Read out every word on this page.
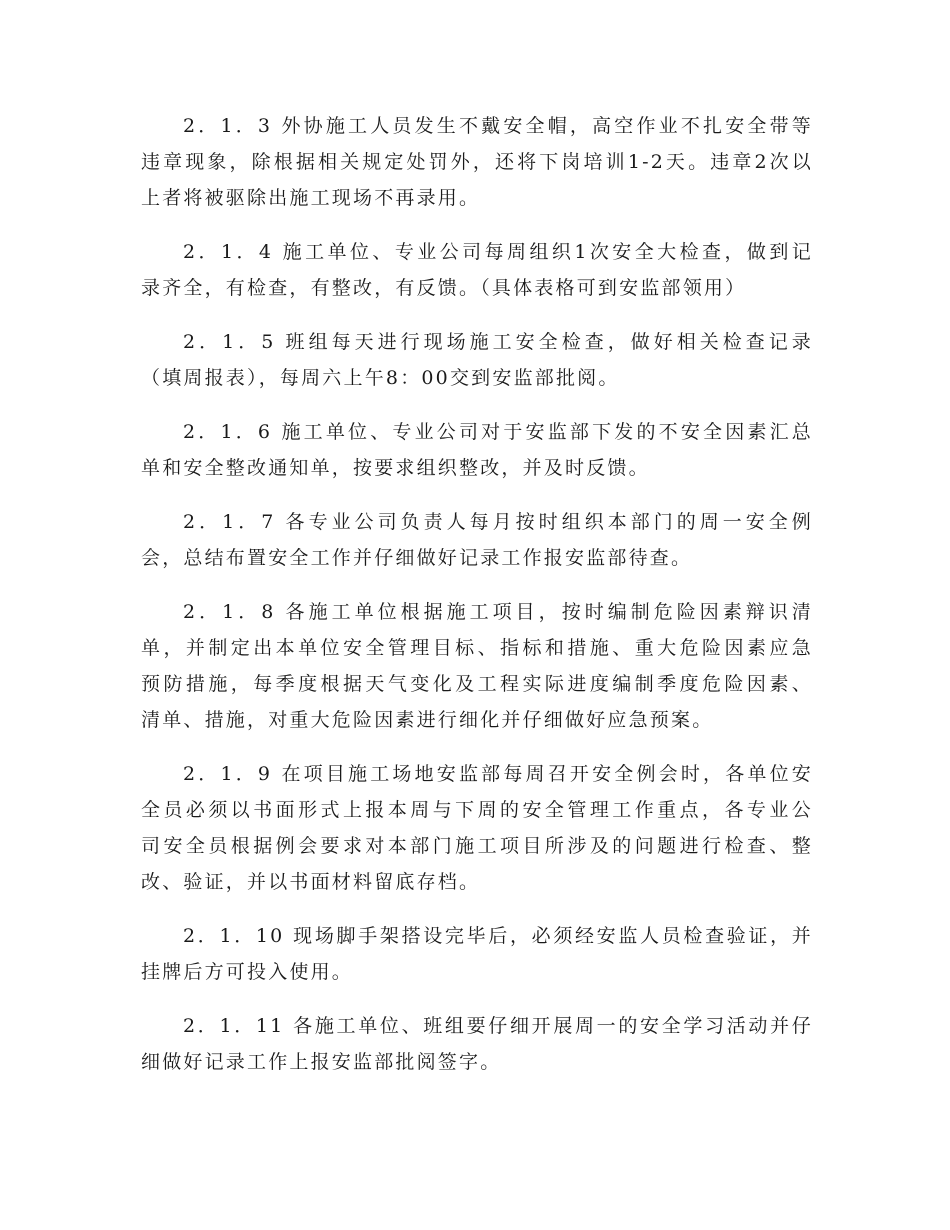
2．1．3 外协施工人员发生不戴安全帽，高空作业不扎安全带等
违章现象，除根据相关规定处罚外，还将下岗培训1-2天。违章2次以
上者将被驱除出施工现场不再录用。
2．1．4 施工单位、专业公司每周组织1次安全大检查，做到记
录齐全，有检查，有整改，有反馈。（具体表格可到安监部领用）
2．1．5 班组每天进行现场施工安全检查，做好相关检查记录
（填周报表），每周六上午8：00交到安监部批阅。
2．1．6 施工单位、专业公司对于安监部下发的不安全因素汇总
单和安全整改通知单，按要求组织整改，并及时反馈。
2．1．7 各专业公司负责人每月按时组织本部门的周一安全例
会，总结布置安全工作并仔细做好记录工作报安监部待查。
2．1．8 各施工单位根据施工项目，按时编制危险因素辩识清
单，并制定出本单位安全管理目标、指标和措施、重大危险因素应急
预防措施，每季度根据天气变化及工程实际进度编制季度危险因素、
清单、措施，对重大危险因素进行细化并仔细做好应急预案。
2．1．9 在项目施工场地安监部每周召开安全例会时，各单位安
全员必须以书面形式上报本周与下周的安全管理工作重点，各专业公
司安全员根据例会要求对本部门施工项目所涉及的问题进行检查、整
改、验证，并以书面材料留底存档。
2．1．10 现场脚手架搭设完毕后，必须经安监人员检查验证，并
挂牌后方可投入使用。
2．1．11 各施工单位、班组要仔细开展周一的安全学习活动并仔
细做好记录工作上报安监部批阅签字。
